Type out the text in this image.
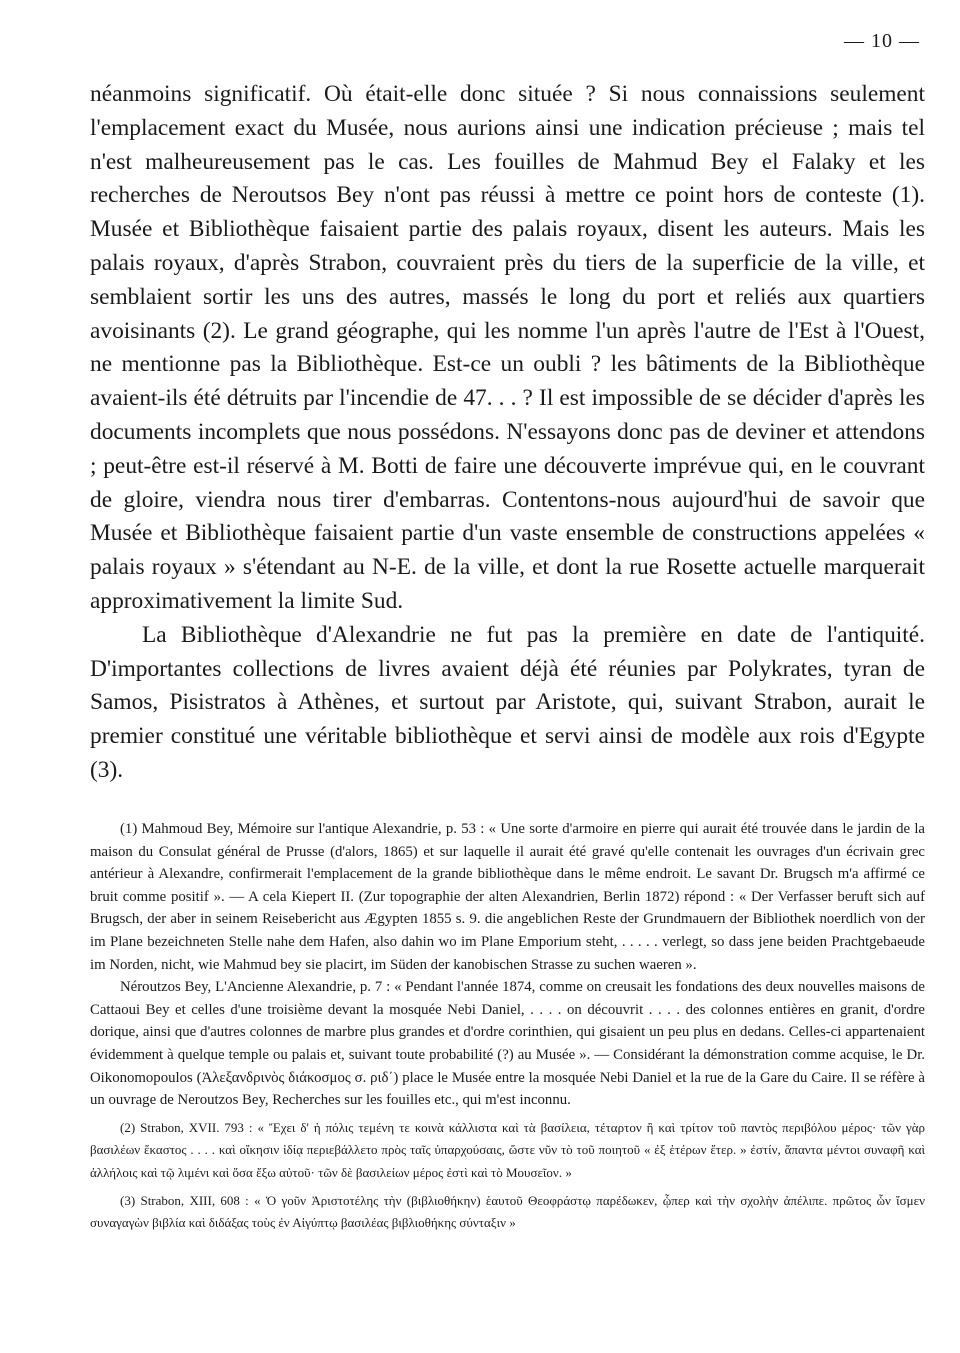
— 10 —

néanmoins significatif. Où était-elle donc située ? Si nous connaissions seulement l'emplacement exact du Musée, nous aurions ainsi une indication précieuse ; mais tel n'est malheureusement pas le cas. Les fouilles de Mahmud Bey el Falaky et les recherches de Neroutsos Bey n'ont pas réussi à mettre ce point hors de conteste (1). Musée et Bibliothèque faisaient partie des palais royaux, disent les auteurs. Mais les palais royaux, d'après Strabon, couvraient près du tiers de la superficie de la ville, et semblaient sortir les uns des autres, massés le long du port et reliés aux quartiers avoisinants (2). Le grand géographe, qui les nomme l'un après l'autre de l'Est à l'Ouest, ne mentionne pas la Bibliothèque. Est-ce un oubli ? les bâtiments de la Bibliothèque avaient-ils été détruits par l'incendie de 47. . . ? Il est impossible de se décider d'après les documents incomplets que nous possédons. N'essayons donc pas de deviner et attendons ; peut-être est-il réservé à M. Botti de faire une découverte imprévue qui, en le couvrant de gloire, viendra nous tirer d'embarras. Contentons-nous aujourd'hui de savoir que Musée et Bibliothèque faisaient partie d'un vaste ensemble de constructions appelées « palais royaux » s'étendant au N-E. de la ville, et dont la rue Rosette actuelle marquerait approximativement la limite Sud.

La Bibliothèque d'Alexandrie ne fut pas la première en date de l'antiquité. D'importantes collections de livres avaient déjà été réunies par Polykrates, tyran de Samos, Pisistratos à Athènes, et surtout par Aristote, qui, suivant Strabon, aurait le premier constitué une véritable bibliothèque et servi ainsi de modèle aux rois d'Egypte (3).

(1) Mahmoud Bey, Mémoire sur l'antique Alexandrie, p. 53 : « Une sorte d'armoire en pierre qui aurait été trouvée dans le jardin de la maison du Consulat général de Prusse (d'alors, 1865) et sur laquelle il aurait été gravé qu'elle contenait les ouvrages d'un écrivain grec antérieur à Alexandre, confirmerait l'emplacement de la grande bibliothèque dans le même endroit. Le savant Dr. Brugsch m'a affirmé ce bruit comme positif ». — A cela Kiepert II. (Zur topographie der alten Alexandrien, Berlin 1872) répond : « Der Verfasser beruft sich auf Brugsch, der aber in seinem Reisebericht aus Ægypten 1855 s. 9. die angeblichen Reste der Grundmauern der Bibliothek noerdlich von der im Plane bezeichneten Stelle nahe dem Hafen, also dahin wo im Plane Emporium steht, . . . . . verlegt, so dass jene beiden Prachtgebaeude im Norden, nicht, wie Mahmud bey sie placirt, im Süden der kanobischen Strasse zu suchen waeren ».

Néroutzos Bey, L'Ancienne Alexandrie, p. 7 : « Pendant l'année 1874, comme on creusait les fondations des deux nouvelles maisons de Cattaoui Bey et celles d'une troisième devant la mosquée Nebi Daniel, . . . . on découvrit . . . . des colonnes entières en granit, d'ordre dorique, ainsi que d'autres colonnes de marbre plus grandes et d'ordre corinthien, qui gisaient un peu plus en dedans. Celles-ci appartenaient évidemment à quelque temple ou palais et, suivant toute probabilité (?) au Musée ». — Considérant la démonstration comme acquise, le Dr. Oikonomopoulos (Ἀλεξανδρινὸς διάκοσμος σ. ριδ΄) place le Musée entre la mosquée Nebi Daniel et la rue de la Gare du Caire. Il se réfère à un ouvrage de Neroutzos Bey, Recherches sur les fouilles etc., qui m'est inconnu.

(2) Strabon, XVII. 793 : « Ἔχει δ' ἡ πόλις τεμένη τε κοινὰ κάλλιστα καὶ τὰ βασίλεια, τέταρτον ἢ καὶ τρίτον τοῦ παντὸς περιβόλου μέρος· τῶν γὰρ βασιλέων ἕκαστος . . . . καὶ οἴκησιν ἰδίᾳ περιεβάλλετο πρὸς ταῖς ὑπαρχούσαις, ὥστε νῦν τὸ τοῦ ποιητοῦ « ἐξ ἑτέρων ἕτερ. » ἐστίν, ἅπαντα μέντοι συναφῆ καὶ ἀλλήλοις καὶ τῷ λιμένι καὶ ὅσα ἔξω αὐτοῦ· τῶν δὲ βασιλείων μέρος ἐστὶ καὶ τὸ Μουσεῖον. »

(3) Strabon, XIII, 608 : « Ὁ γοῦν Ἀριστοτέλης τὴν (βιβλιοθήκην) ἑαυτοῦ Θεοφράστῳ παρέδωκεν, ᾧπερ καὶ τὴν σχολὴν ἀπέλιπε. πρῶτος ὧν ἴσμεν συναγαγὼν βιβλία καὶ διδάξας τοὺς ἐν Αἰγύπτῳ βασιλέας βιβλιοθήκης σύνταξιν »
